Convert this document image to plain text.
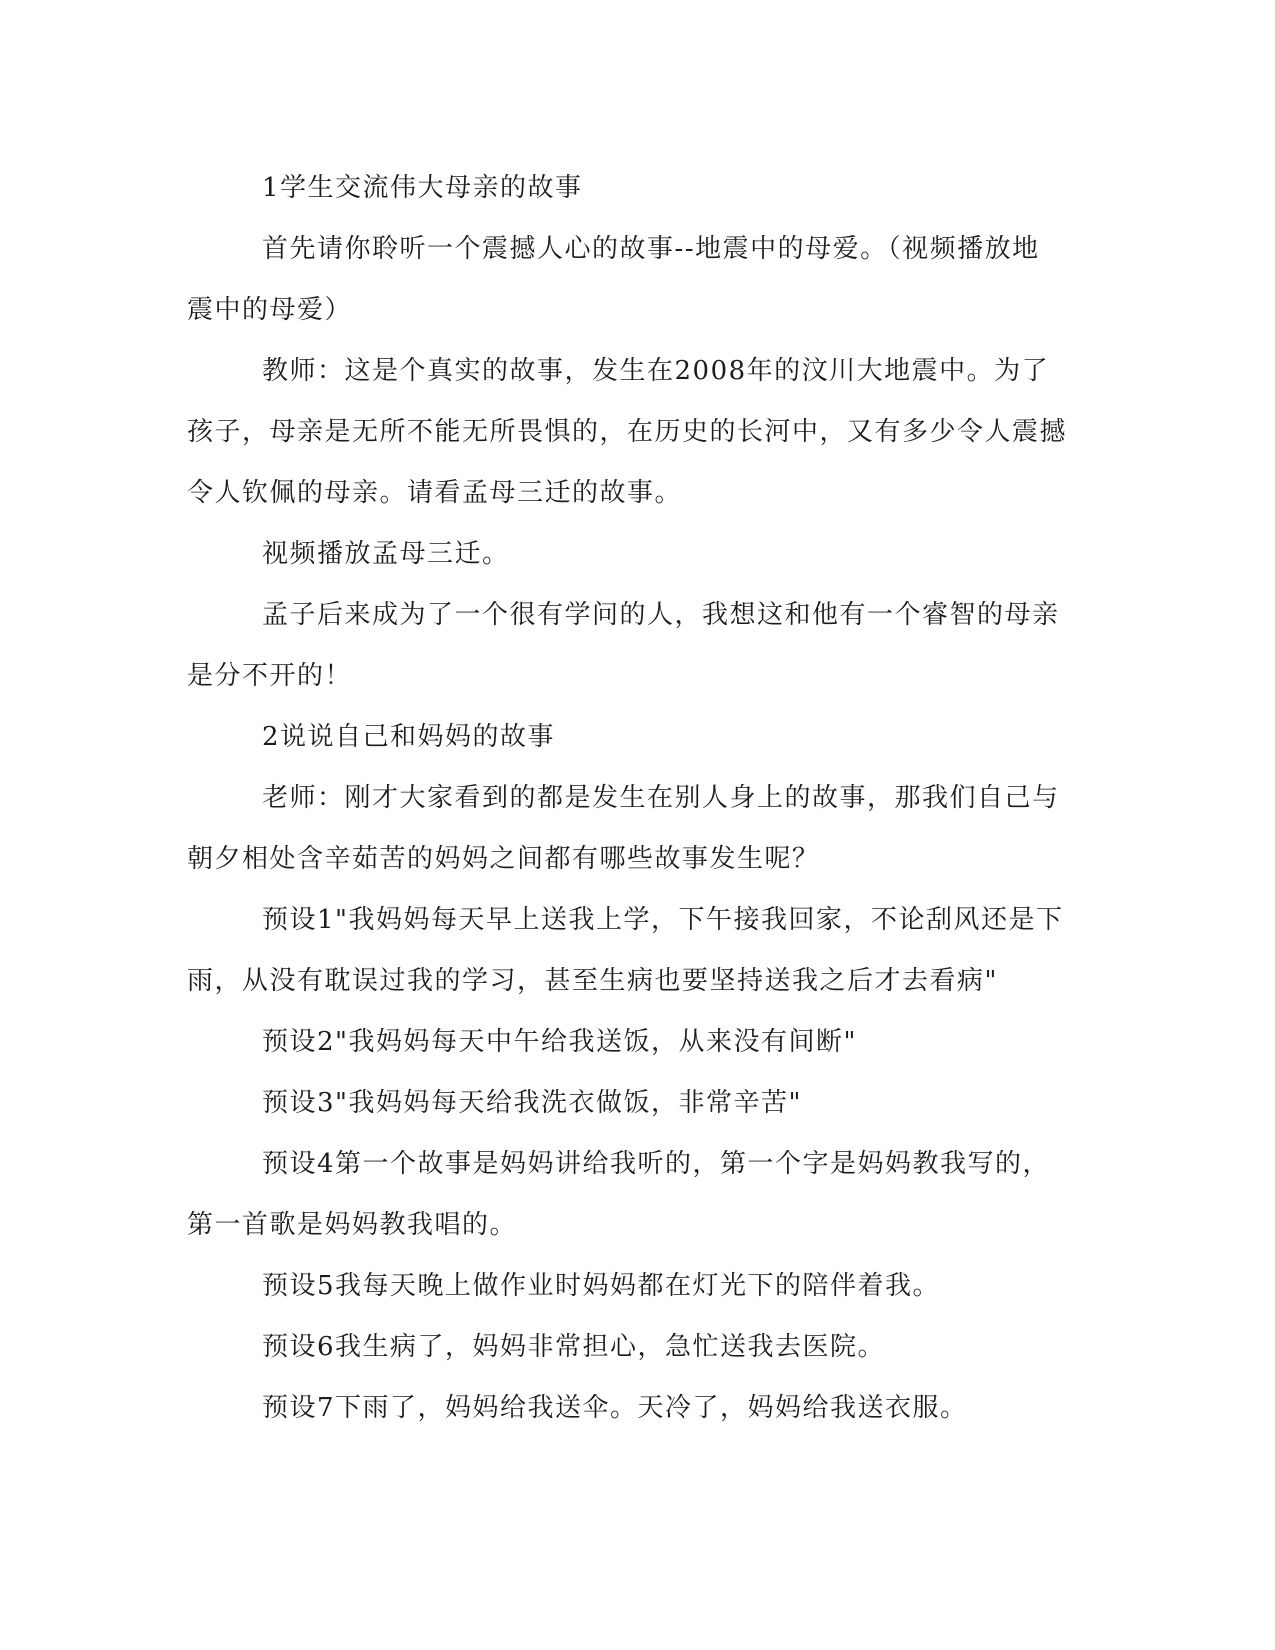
1学生交流伟大母亲的故事

首先请你聆听一个震撼人心的故事--地震中的母爱。（视频播放地震中的母爱）

教师：这是个真实的故事，发生在2008年的汶川大地震中。为了孩子，母亲是无所不能无所畏惧的，在历史的长河中，又有多少令人震撼令人钦佩的母亲。请看孟母三迁的故事。

视频播放孟母三迁。

孟子后来成为了一个很有学问的人，我想这和他有一个睿智的母亲是分不开的！

2说说自己和妈妈的故事

老师：刚才大家看到的都是发生在别人身上的故事，那我们自己与朝夕相处含辛茹苦的妈妈之间都有哪些故事发生呢？

预设1"我妈妈每天早上送我上学，下午接我回家，不论刮风还是下雨，从没有耽误过我的学习，甚至生病也要坚持送我之后才去看病"

预设2"我妈妈每天中午给我送饭，从来没有间断"

预设3"我妈妈每天给我洗衣做饭，非常辛苦"

预设4第一个故事是妈妈讲给我听的，第一个字是妈妈教我写的，第一首歌是妈妈教我唱的。

预设5我每天晚上做作业时妈妈都在灯光下的陪伴着我。

预设6我生病了，妈妈非常担心，急忙送我去医院。

预设7下雨了，妈妈给我送伞。天冷了，妈妈给我送衣服。
